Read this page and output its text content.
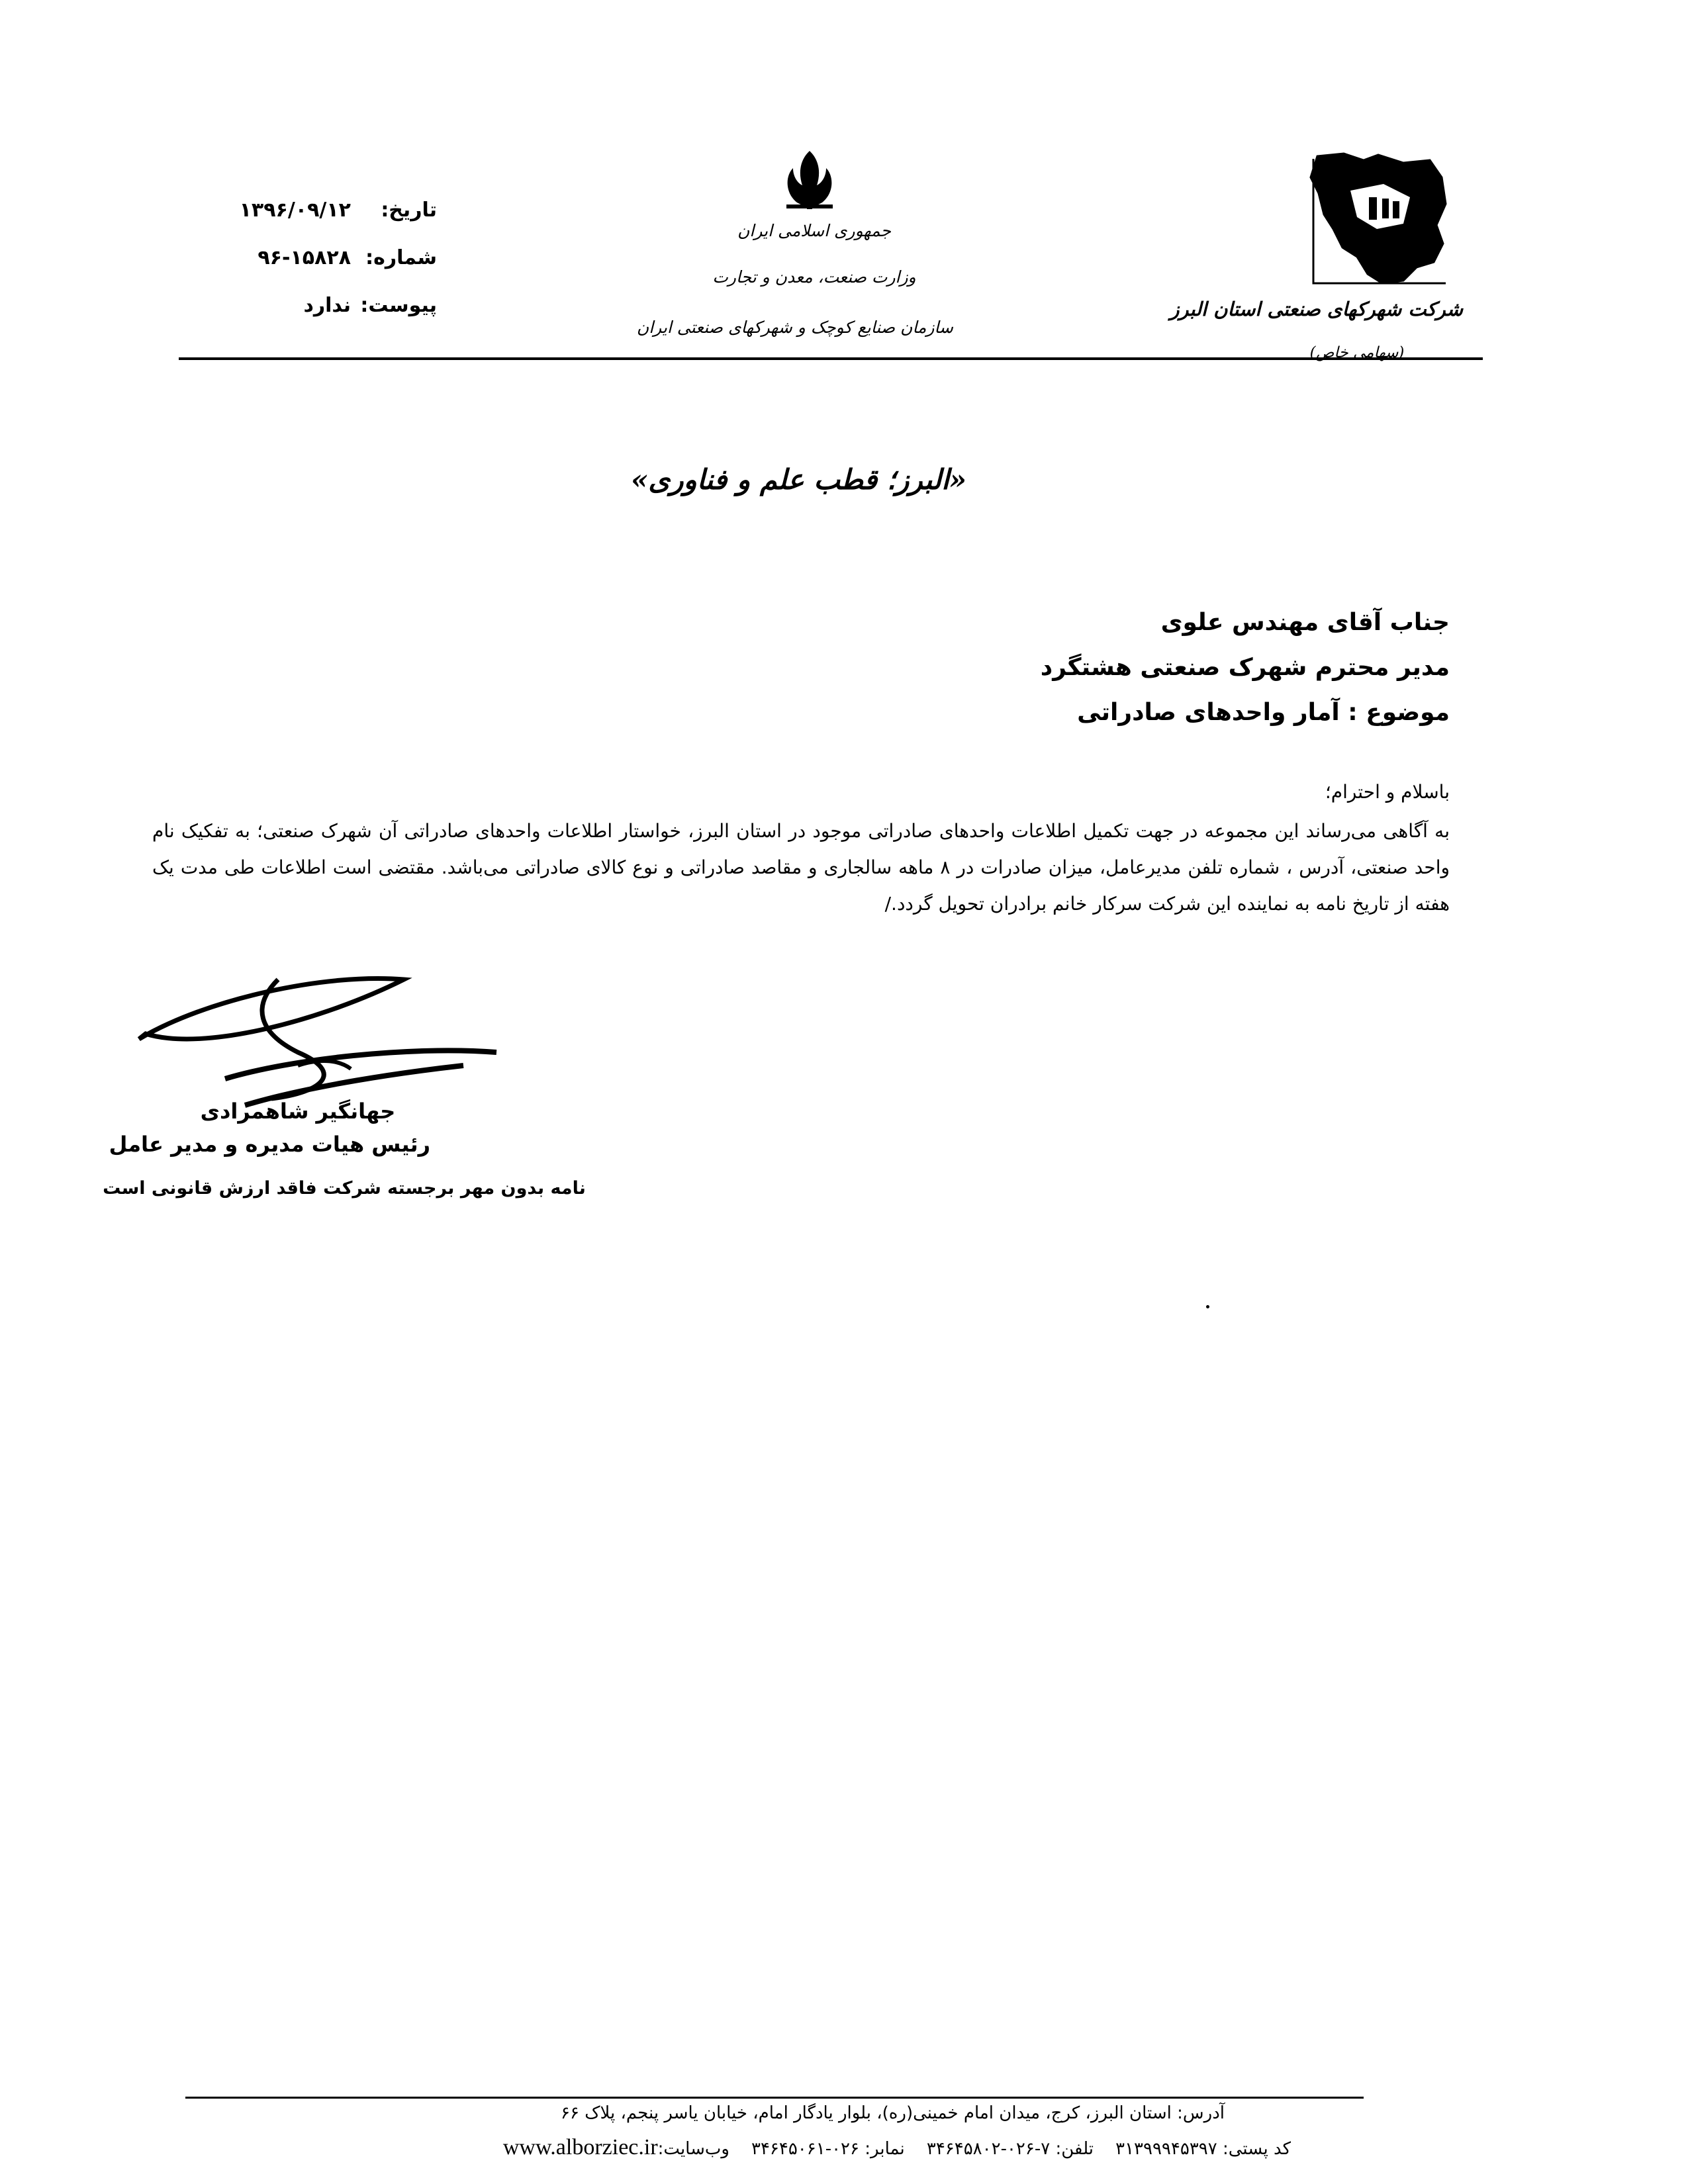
شرکت شهرکهای صنعتی استان البرز
(سهامی خاص)
جمهوری اسلامی ایران
وزارت صنعت، معدن و تجارت
سازمان صنایع کوچک و شهرکهای صنعتی ایران
تاریخ:
۱۳۹۶/۰۹/۱۲
شماره:
۹۶-۱۵۸۲۸
پیوست:
ندارد
«البرز؛ قطب علم و فناوری»
جناب آقای مهندس علوی
مدیر محترم شهرک صنعتی هشتگرد
موضوع : آمار واحدهای صادراتی
باسلام و احترام؛
به آگاهی می‌رساند این مجموعه در جهت تکمیل اطلاعات واحدهای صادراتی موجود در استان البرز، خواستار اطلاعات واحدهای صادراتی آن شهرک صنعتی؛ به تفکیک نام واحد صنعتی، آدرس ، شماره تلفن مدیرعامل، میزان صادرات در ۸ ماهه سالجاری و مقاصد صادراتی و نوع کالای صادراتی می‌باشد. مقتضی است اطلاعات طی مدت یک هفته از تاریخ نامه به نماینده این شرکت سرکار خانم برادران تحویل گردد./
جهانگیر شاهمرادی
رئیس هیات مدیره و مدیر عامل
نامه بدون مهر برجسته شرکت فاقد ارزش قانونی است
آدرس: استان البرز، کرج، میدان امام خمینی(ره)، بلوار یادگار امام، خیابان یاسر پنجم، پلاک ۶۶
کد پستی: ۳۱۳۹۹۹۴۵۳۹۷    تلفن: ۷-۰۲۶-۳۴۶۴۵۸۰۲    نمابر: ۰۲۶-۳۴۶۴۵۰۶۱    وب‌سایت:www.alborziec.ir
